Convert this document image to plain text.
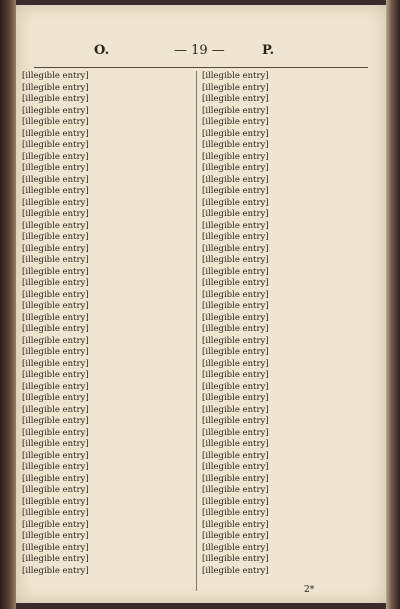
O.	— 19 —	P.
[illegible entry]
[illegible entry]
[illegible entry]
[illegible entry]
[illegible entry]
[illegible entry]
[illegible entry]
[illegible entry]
[illegible entry]
[illegible entry]
[illegible entry]
[illegible entry]
[illegible entry]
[illegible entry]
[illegible entry]
[illegible entry]
[illegible entry]
[illegible entry]
[illegible entry]
[illegible entry]
[illegible entry]
[illegible entry]
[illegible entry]
[illegible entry]
[illegible entry]
[illegible entry]
[illegible entry]
[illegible entry]
[illegible entry]
[illegible entry]
[illegible entry]
[illegible entry]
[illegible entry]
[illegible entry]
[illegible entry]
[illegible entry]
[illegible entry]
[illegible entry]
[illegible entry]
[illegible entry]
[illegible entry]
[illegible entry]
[illegible entry]
[illegible entry]
[illegible entry]
[illegible entry]
[illegible entry]
[illegible entry]
[illegible entry]
[illegible entry]
[illegible entry]
[illegible entry]
[illegible entry]
[illegible entry]
[illegible entry]
[illegible entry]
[illegible entry]
[illegible entry]
[illegible entry]
[illegible entry]
[illegible entry]
[illegible entry]
[illegible entry]
[illegible entry]
[illegible entry]
[illegible entry]
[illegible entry]
[illegible entry]
[illegible entry]
[illegible entry]
[illegible entry]
[illegible entry]
[illegible entry]
[illegible entry]
[illegible entry]
[illegible entry]
[illegible entry]
[illegible entry]
[illegible entry]
[illegible entry]
[illegible entry]
[illegible entry]
[illegible entry]
[illegible entry]
[illegible entry]
[illegible entry]
[illegible entry]
[illegible entry]
2*
